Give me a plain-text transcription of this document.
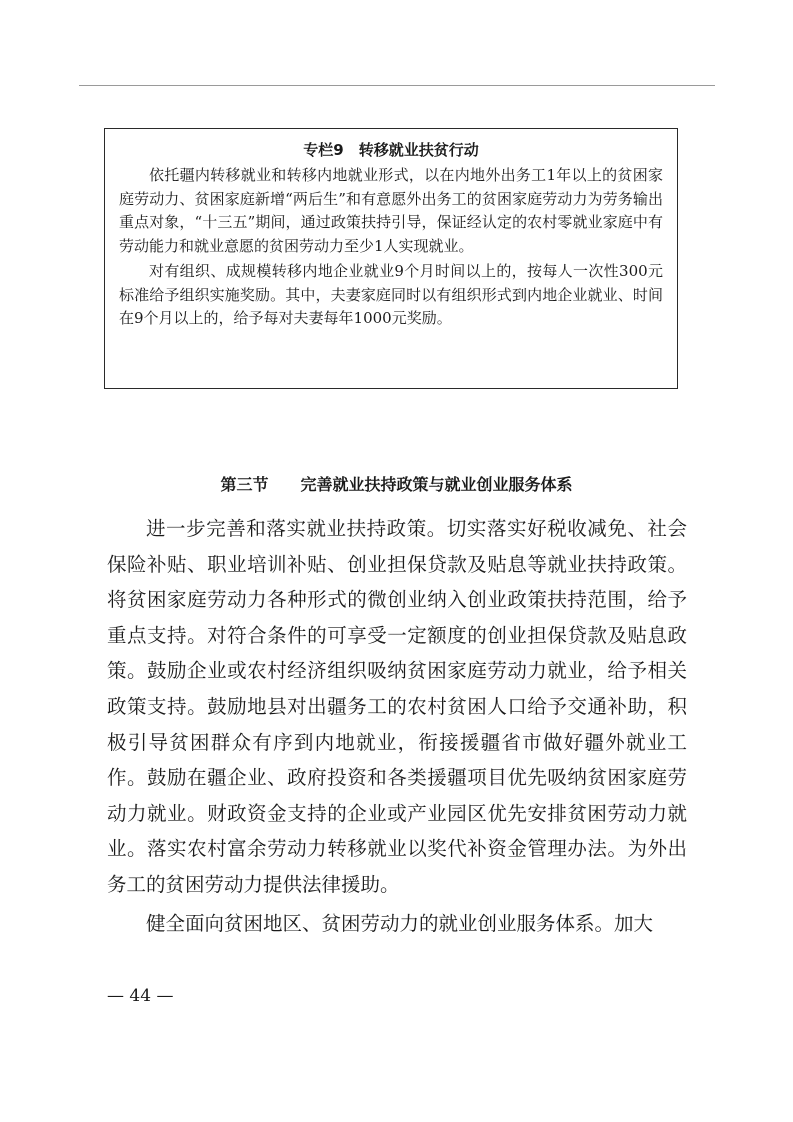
专栏9　转移就业扶贫行动

依托疆内转移就业和转移内地就业形式，以在内地外出务工1年以上的贫困家庭劳动力、贫困家庭新增“两后生”和有意愿外出务工的贫困家庭劳动力为劳务输出重点对象，“十三五”期间，通过政策扶持引导，保证经认定的农村零就业家庭中有劳动能力和就业意愿的贫困劳动力至少1人实现就业。

对有组织、成规模转移内地企业就业9个月时间以上的，按每人一次性300元标准给予组织实施奖励。其中，夫妻家庭同时以有组织形式到内地企业就业、时间在9个月以上的，给予每对夫妻每年1000元奖励。

第三节 完善就业扶持政策与就业创业服务体系

进一步完善和落实就业扶持政策。切实落实好税收减免、社会保险补贴、职业培训补贴、创业担保贷款及贴息等就业扶持政策。将贫困家庭劳动力各种形式的微创业纳入创业政策扶持范围，给予重点支持。对符合条件的可享受一定额度的创业担保贷款及贴息政策。鼓励企业或农村经济组织吸纳贫困家庭劳动力就业，给予相关政策支持。鼓励地县对出疆务工的农村贫困人口给予交通补助，积极引导贫困群众有序到内地就业，衔接援疆省市做好疆外就业工作。鼓励在疆企业、政府投资和各类援疆项目优先吸纳贫困家庭劳动力就业。财政资金支持的企业或产业园区优先安排贫困劳动力就业。落实农村富余劳动力转移就业以奖代补资金管理办法。为外出务工的贫困劳动力提供法律援助。

健全面向贫困地区、贫困劳动力的就业创业服务体系。加大

— 44 —
